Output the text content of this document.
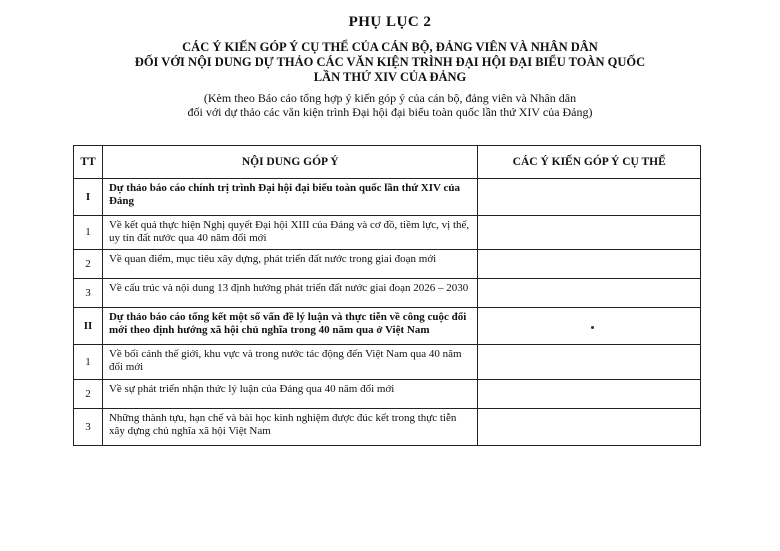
PHỤ LỤC 2
CÁC Ý KIẾN GÓP Ý CỤ THỂ CỦA CÁN BỘ, ĐẢNG VIÊN VÀ NHÂN DÂN
ĐỐI VỚI NỘI DUNG DỰ THẢO CÁC VĂN KIỆN TRÌNH ĐẠI HỘI ĐẠI BIỂU TOÀN QUỐC
LẦN THỨ XIV CỦA ĐẢNG
(Kèm theo Báo cáo tổng hợp ý kiến góp ý của cán bộ, đảng viên và Nhân dân
đối với dự thảo các văn kiện trình Đại hội đại biểu toàn quốc lần thứ XIV của Đảng)
TT	NỘI DUNG GÓP Ý	CÁC Ý KIẾN GÓP Ý CỤ THỂ
I	Dự thảo báo cáo chính trị trình Đại hội đại biểu toàn quốc lần thứ XIV của Đảng	
1	Về kết quả thực hiện Nghị quyết Đại hội XIII của Đảng và cơ đồ, tiềm lực, vị thế, uy tín đất nước qua 40 năm đổi mới	
2	Về quan điểm, mục tiêu xây dựng, phát triển đất nước trong giai đoạn mới	
3	Về cấu trúc và nội dung 13 định hướng phát triển đất nước giai đoạn 2026 – 2030	
II	Dự thảo báo cáo tổng kết một số vấn đề lý luận và thực tiễn về công cuộc đổi mới theo định hướng xã hội chủ nghĩa trong 40 năm qua ở Việt Nam	
1	Về bối cảnh thế giới, khu vực và trong nước tác động đến Việt Nam qua 40 năm đổi mới	
2	Về sự phát triển nhận thức lý luận của Đảng qua 40 năm đổi mới	
3	Những thành tựu, hạn chế và bài học kinh nghiệm được đúc kết trong thực tiễn xây dựng chủ nghĩa xã hội Việt Nam	
